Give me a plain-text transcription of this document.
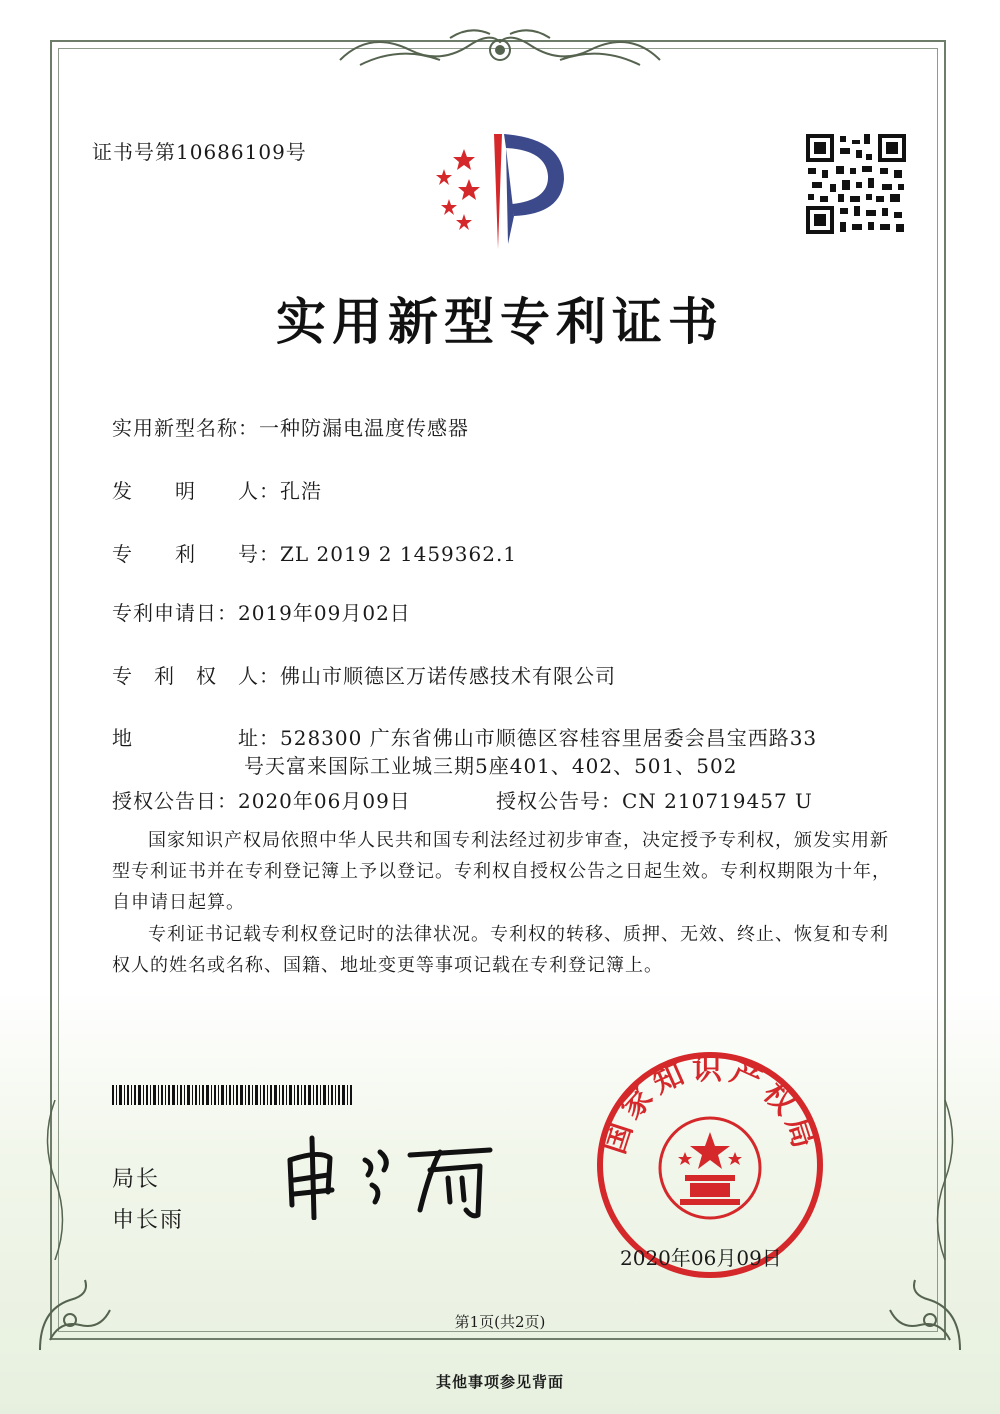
证书号第10686109号
实用新型专利证书
实用新型名称：一种防漏电温度传感器
发　　明　　人：孔浩
专　　利　　号：ZL 2019 2 1459362.1
专利申请日：2019年09月02日
专　利　权　人：佛山市顺德区万诺传感技术有限公司
地　　　　　址：528300 广东省佛山市顺德区容桂容里居委会昌宝西路33
号天富来国际工业城三期5座401、402、501、502
授权公告日：2020年06月09日	授权公告号：CN 210719457 U
国家知识产权局依照中华人民共和国专利法经过初步审查，决定授予专利权，颁发实用新型专利证书并在专利登记簿上予以登记。专利权自授权公告之日起生效。专利权期限为十年，自申请日起算。
专利证书记载专利权登记时的法律状况。专利权的转移、质押、无效、终止、恢复和专利权人的姓名或名称、国籍、地址变更等事项记载在专利登记簿上。
局长
申长雨
国家知识产权局
2020年06月09日
第1页(共2页)
其他事项参见背面
